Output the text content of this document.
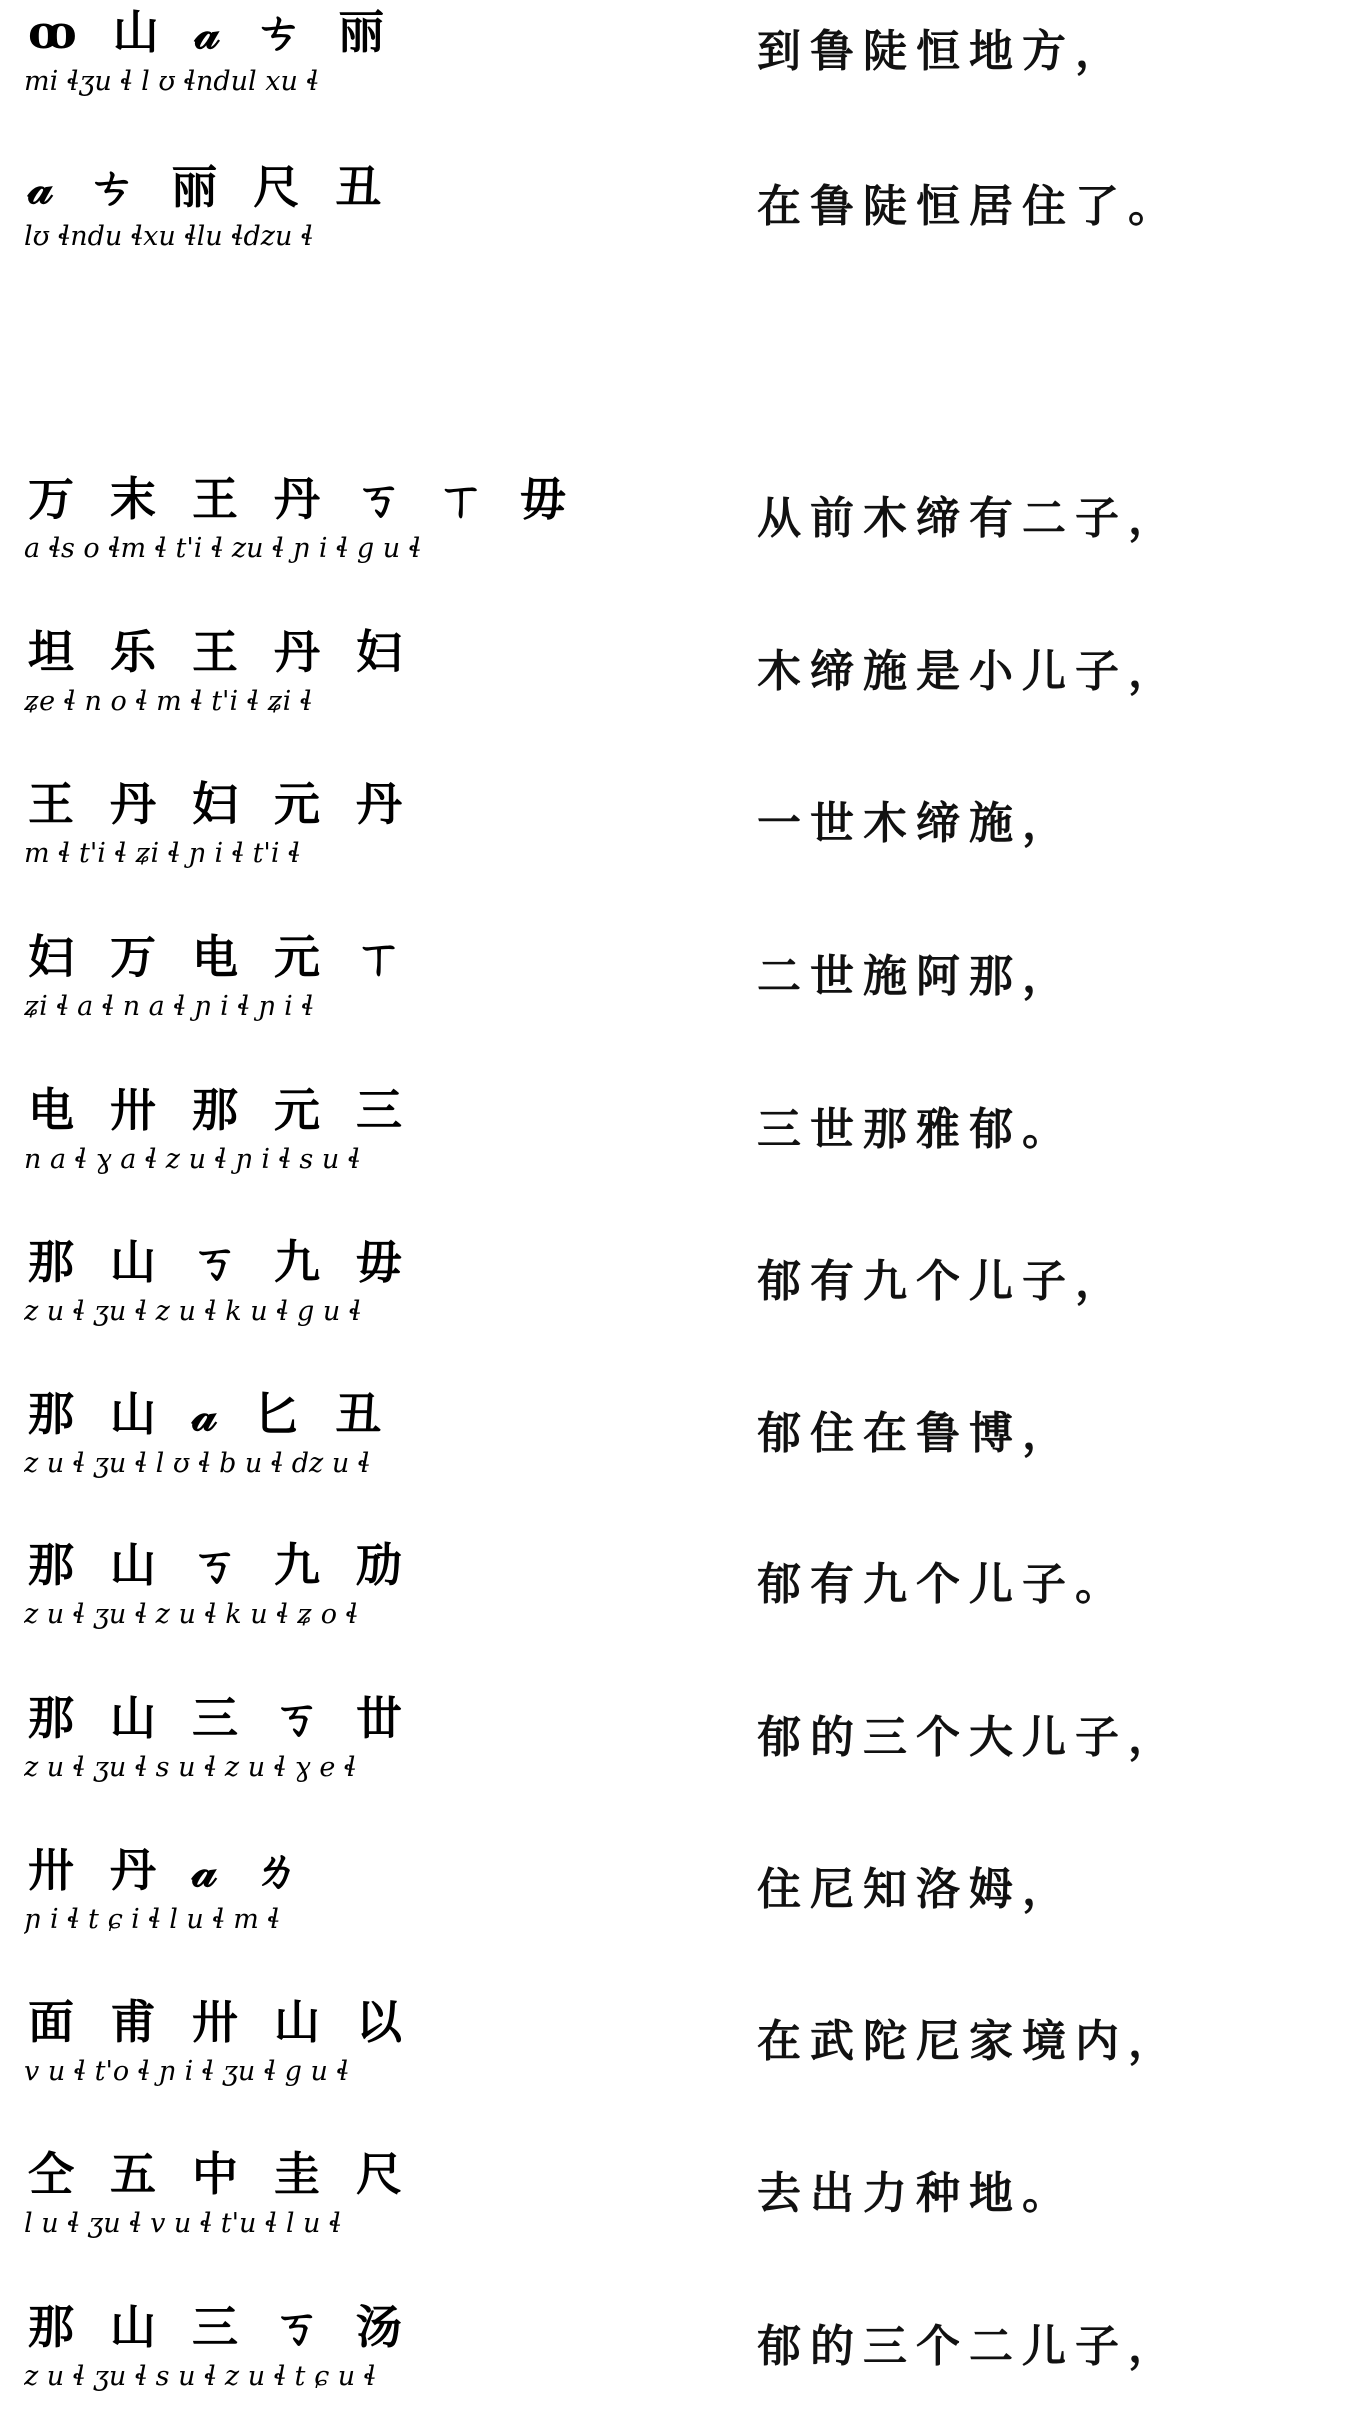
ꝏ 山 𝒶 ㄘ 丽
mi ɬʒu ɬ l ʊ ɬndul xu ɬ
到鲁陡恒地方，
𝒶 ㄘ 丽 尺 丑
lʊ ɬndu ɬxu ɬlu ɬdzu ɬ
在鲁陡恒居住了。
万 末 王 丹 ㄎ ㄒ 毋
a ɬs o ɬm ɬ t'i ɬ zu ɬ ɲ i ɬ g u ɬ
从前木缔有二子，
坦 乐 王 丹 妇
ʑe ɬ n o ɬ m ɬ t'i ɬ ʑi ɬ
木缔施是小儿子，
王 丹 妇 元 丹
m ɬ t'i ɬ ʑi ɬ ɲ i ɬ t'i ɬ
一世木缔施，
妇 万 电 元 ㄒ
ʑi ɬ a ɬ n a ɬ ɲ i ɬ ɲ i ɬ
二世施阿那，
电 卅 那 元 三
n a ɬ ɣ a ɬ z u ɬ ɲ i ɬ s u ɬ
三世那雅郁。
那 山 ㄎ 九 毋
z u ɬ ʒu ɬ z u ɬ k u ɬ g u ɬ
郁有九个儿子，
那 山 𝒶 匕 丑
z u ɬ ʒu ɬ l ʊ ɬ b u ɬ dz u ɬ
郁住在鲁博，
那 山 ㄎ 九 劢
z u ɬ ʒu ɬ z u ɬ k u ɬ ʑ o ɬ
郁有九个儿子。
那 山 三 ㄎ 丗
z u ɬ ʒu ɬ s u ɬ z u ɬ ɣ e ɬ
郁的三个大儿子，
卅 丹 𝒶 ㄌ
ɲ i ɬ t ɕ i ɬ l u ɬ m ɬ
住尼知洛姆，
面 甫 卅 山 以
v u ɬ t'o ɬ ɲ i ɬ ʒu ɬ g u ɬ
在武陀尼家境内，
仝 五 中 圭 尺
l u ɬ ʒu ɬ v u ɬ t'u ɬ l u ɬ
去出力种地。
那 山 三 ㄎ 汤
z u ɬ ʒu ɬ s u ɬ z u ɬ t ɕ u ɬ
郁的三个二儿子，
